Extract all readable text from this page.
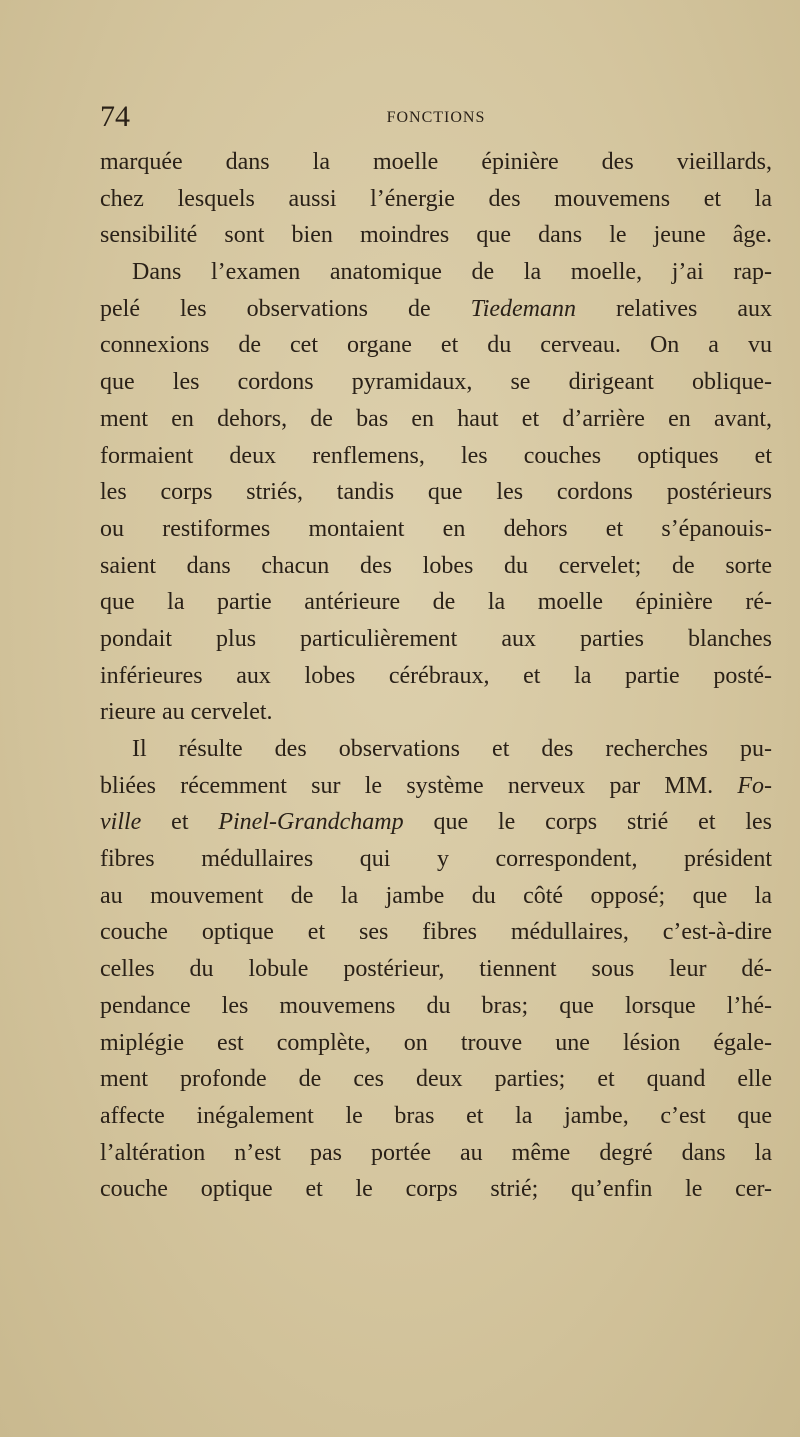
74	FONCTIONS
marquée dans la moelle épinière des vieillards,
chez lesquels aussi l’énergie des mouvemens et la
sensibilité sont bien moindres que dans le jeune âge.
Dans l’examen anatomique de la moelle, j’ai rap-
pelé les observations de Tiedemann relatives aux
connexions de cet organe et du cerveau. On a vu
que les cordons pyramidaux, se dirigeant oblique-
ment en dehors, de bas en haut et d’arrière en avant,
formaient deux renflemens, les couches optiques et
les corps striés, tandis que les cordons postérieurs
ou restiformes montaient en dehors et s’épanouis-
saient dans chacun des lobes du cervelet; de sorte
que la partie antérieure de la moelle épinière ré-
pondait plus particulièrement aux parties blanches
inférieures aux lobes cérébraux, et la partie posté-
rieure au cervelet.
Il résulte des observations et des recherches pu-
bliées récemment sur le système nerveux par MM. Fo-
ville et Pinel-Grandchamp que le corps strié et les
fibres médullaires qui y correspondent, président
au mouvement de la jambe du côté opposé; que la
couche optique et ses fibres médullaires, c’est-à-dire
celles du lobule postérieur, tiennent sous leur dé-
pendance les mouvemens du bras; que lorsque l’hé-
miplégie est complète, on trouve une lésion égale-
ment profonde de ces deux parties; et quand elle
affecte inégalement le bras et la jambe, c’est que
l’altération n’est pas portée au même degré dans la
couche optique et le corps strié; qu’enfin le cer-
